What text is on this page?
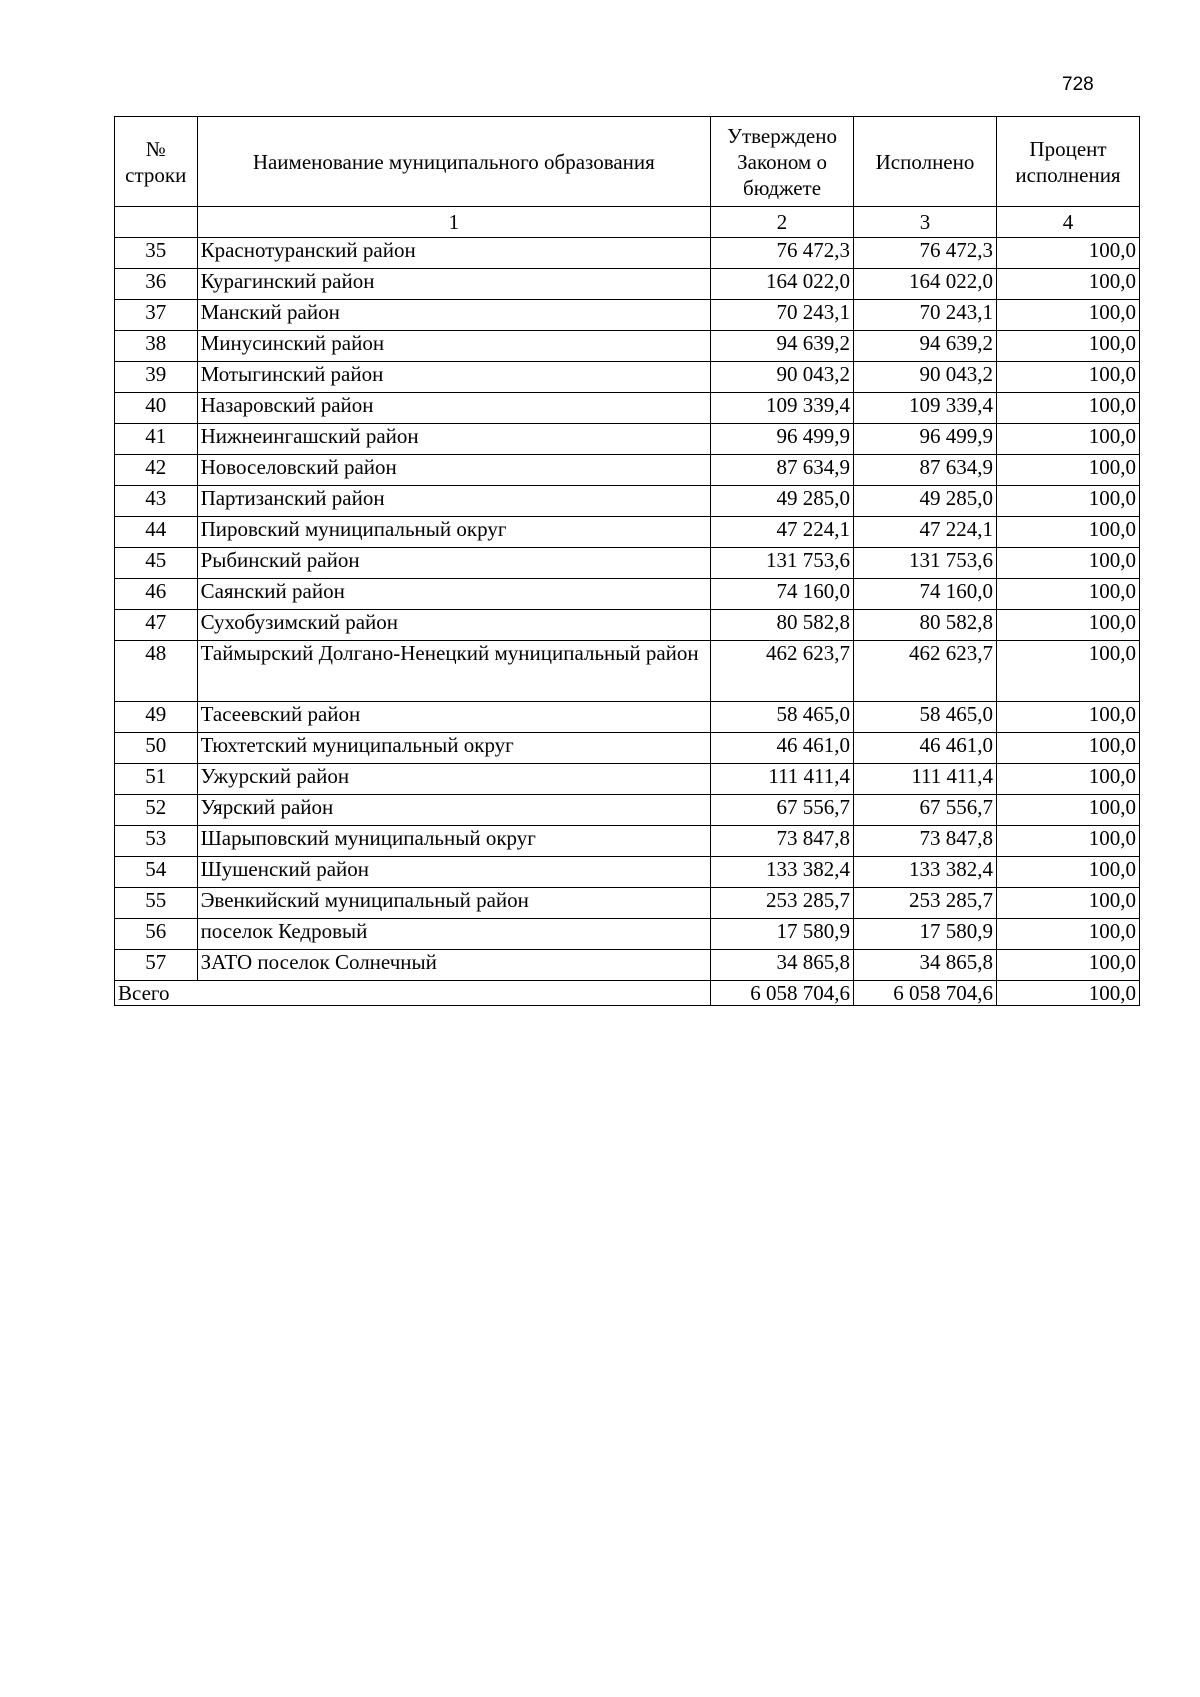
728
№ строки	Наименование муниципального образования	Утверждено Законом о бюджете	Исполнено	Процент исполнения
	1	2	3	4
35	Краснотуранский район	76 472,3	76 472,3	100,0
36	Курагинский район	164 022,0	164 022,0	100,0
37	Манский район	70 243,1	70 243,1	100,0
38	Минусинский район	94 639,2	94 639,2	100,0
39	Мотыгинский район	90 043,2	90 043,2	100,0
40	Назаровский район	109 339,4	109 339,4	100,0
41	Нижнеингашский район	96 499,9	96 499,9	100,0
42	Новоселовский район	87 634,9	87 634,9	100,0
43	Партизанский район	49 285,0	49 285,0	100,0
44	Пировский муниципальный округ	47 224,1	47 224,1	100,0
45	Рыбинский район	131 753,6	131 753,6	100,0
46	Саянский район	74 160,0	74 160,0	100,0
47	Сухобузимский район	80 582,8	80 582,8	100,0
48	Таймырский Долгано-Ненецкий муниципальный район	462 623,7	462 623,7	100,0
49	Тасеевский район	58 465,0	58 465,0	100,0
50	Тюхтетский муниципальный округ	46 461,0	46 461,0	100,0
51	Ужурский район	111 411,4	111 411,4	100,0
52	Уярский район	67 556,7	67 556,7	100,0
53	Шарыповский муниципальный округ	73 847,8	73 847,8	100,0
54	Шушенский район	133 382,4	133 382,4	100,0
55	Эвенкийский муниципальный район	253 285,7	253 285,7	100,0
56	поселок Кедровый	17 580,9	17 580,9	100,0
57	ЗАТО поселок Солнечный	34 865,8	34 865,8	100,0
Всего		6 058 704,6	6 058 704,6	100,0
